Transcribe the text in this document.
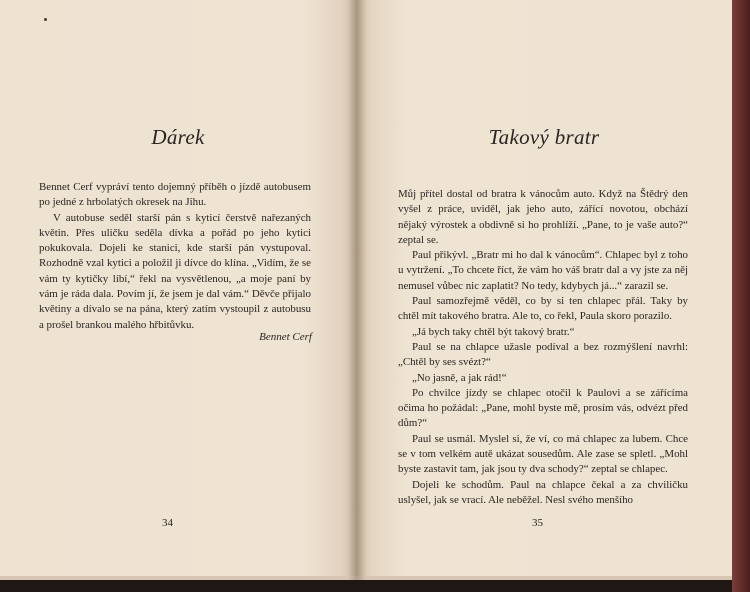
Dárek

Bennet Cerf vypráví tento dojemný příběh o jízdě autobusem po jedné z hrbolatých okresek na Jihu.

V autobuse seděl starší pán s kyticí čerstvě nařezaných květin. Přes uličku seděla dívka a pořád po jeho kytici pokukovala. Dojeli ke stanici, kde starší pán vystupoval. Rozhodně vzal kytici a položil ji dívce do klína. „Vidím, že se vám ty kytičky líbí,“ řekl na vysvětlenou, „a moje paní by vám je ráda dala. Povím jí, že jsem je dal vám.“ Děvče přijalo květiny a dívalo se na pána, který zatím vystoupil z autobusu a prošel brankou malého hřbitůvku.

Bennet Cerf
34
Takový bratr

Můj přítel dostal od bratra k vánocům auto. Když na Štědrý den vyšel z práce, uviděl, jak jeho auto, zářící novotou, obchází nějaký výrostek a obdivně si ho prohlíží. „Pane, to je vaše auto?“ zeptal se.

Paul přikývl. „Bratr mi ho dal k vánocům“. Chlapec byl z toho u vytržení. „To chcete říct, že vám ho váš bratr dal a vy jste za něj nemusel vůbec nic zaplatit? No tedy, kdybych já...“ zarazil se.

Paul samozřejmě věděl, co by si ten chlapec přál. Taky by chtěl mít takového bratra. Ale to, co řekl, Paula skoro porazilo.

„Já bych taky chtěl být takový bratr.“

Paul se na chlapce užasle podíval a bez rozmýšlení navrhl: „Chtěl by ses svézt?“

„No jasně, a jak rád!“

Po chvilce jízdy se chlapec otočil k Paulovi a se zářícíma očima ho požádal: „Pane, mohl byste mě, prosím vás, odvézt před dům?“

Paul se usmál. Myslel si, že ví, co má chlapec za lubem. Chce se v tom velkém autě ukázat sousedům. Ale zase se spletl. „Mohl byste zastavit tam, jak jsou ty dva schody?“ zeptal se chlapec.

Dojeli ke schodům. Paul na chlapce čekal a za chviličku uslyšel, jak se vrací. Ale neběžel. Nesl svého menšího

35
